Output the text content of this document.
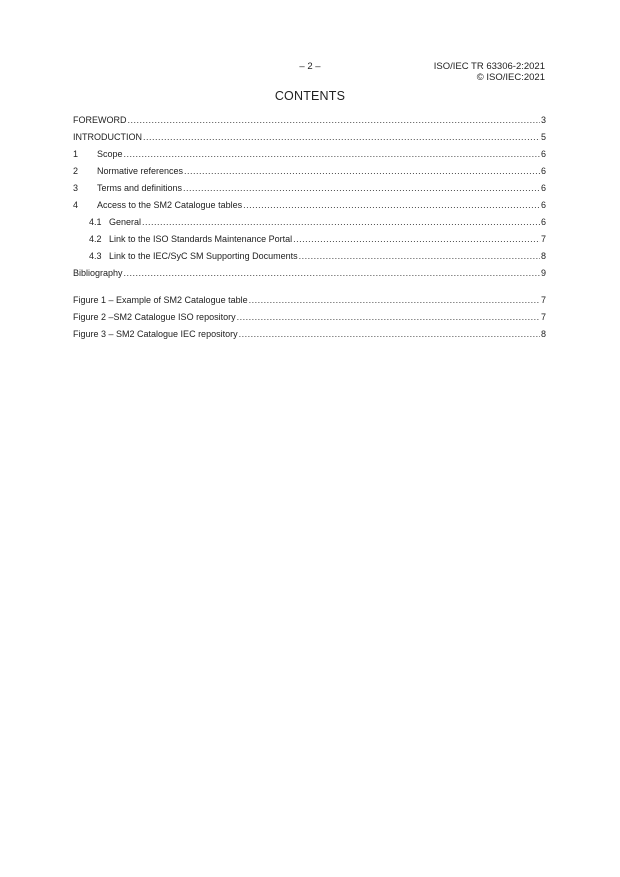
– 2 –	ISO/IEC TR 63306-2:2021
© ISO/IEC:2021
CONTENTS
FOREWORD .....	3
INTRODUCTION .....	5
1	Scope .....	6
2	Normative references .....	6
3	Terms and definitions .....	6
4	Access to the SM2 Catalogue tables .....	6
4.1 General .....	6
4.2 Link to the ISO Standards Maintenance Portal .....	7
4.3 Link to the IEC/SyC SM Supporting Documents .....	8
Bibliography .....	9
Figure 1 – Example of SM2 Catalogue table .....	7
Figure 2 –SM2 Catalogue ISO repository .....	7
Figure 3 – SM2 Catalogue IEC repository .....	8
